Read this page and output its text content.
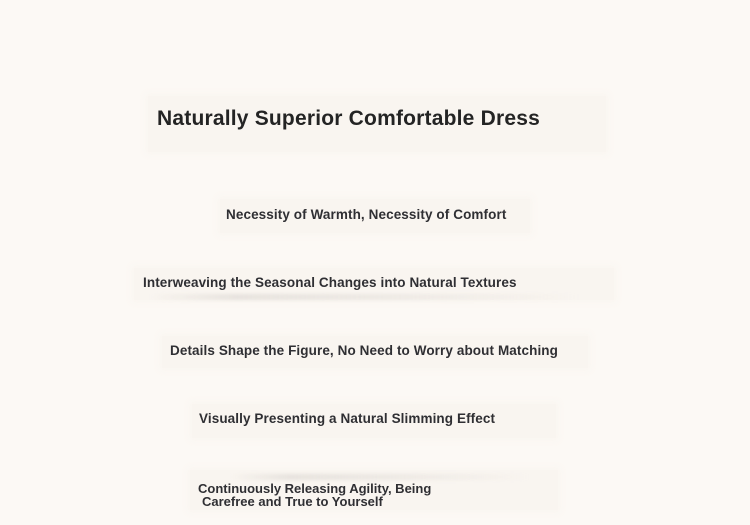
Naturally Superior Comfortable Dress
Necessity of Warmth, Necessity of Comfort
Interweaving the Seasonal Changes into Natural Textures
Details Shape the Figure, No Need to Worry about Matching
Visually Presenting a Natural Slimming Effect
Continuously Releasing Agility, Being
Carefree and True to Yourself
